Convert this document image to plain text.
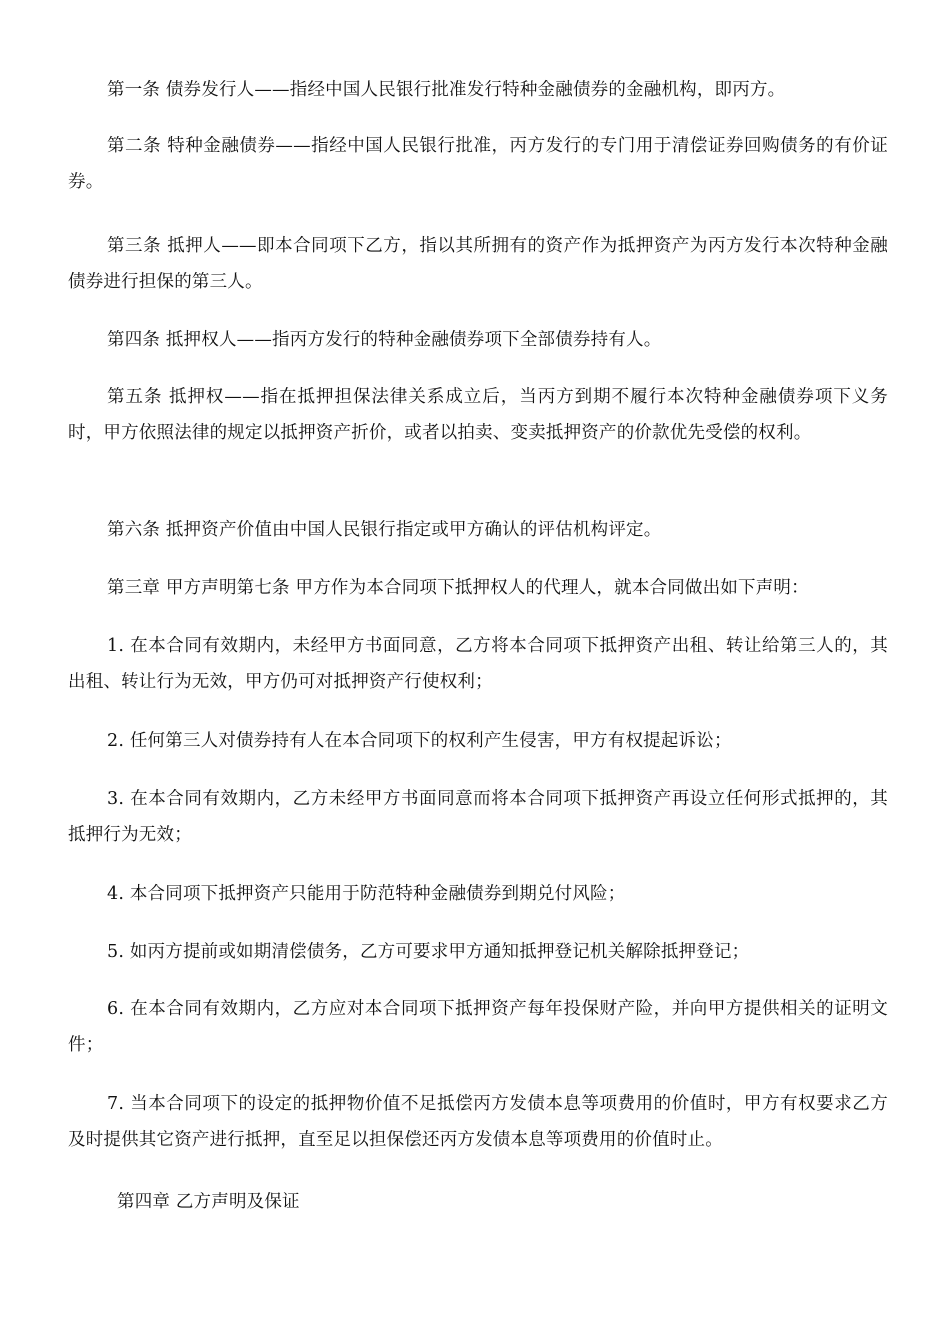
第一条 债券发行人——指经中国人民银行批准发行特种金融债券的金融机构，即丙方。

第二条 特种金融债券——指经中国人民银行批准，丙方发行的专门用于清偿证券回购债务的有价证券。

第三条 抵押人——即本合同项下乙方，指以其所拥有的资产作为抵押资产为丙方发行本次特种金融债券进行担保的第三人。

第四条 抵押权人——指丙方发行的特种金融债券项下全部债券持有人。

第五条 抵押权——指在抵押担保法律关系成立后，当丙方到期不履行本次特种金融债券项下义务时，甲方依照法律的规定以抵押资产折价，或者以拍卖、变卖抵押资产的价款优先受偿的权利。

第六条 抵押资产价值由中国人民银行指定或甲方确认的评估机构评定。

第三章 甲方声明第七条 甲方作为本合同项下抵押权人的代理人，就本合同做出如下声明：

1. 在本合同有效期内，未经甲方书面同意，乙方将本合同项下抵押资产出租、转让给第三人的，其出租、转让行为无效，甲方仍可对抵押资产行使权利；

2. 任何第三人对债券持有人在本合同项下的权利产生侵害，甲方有权提起诉讼；

3. 在本合同有效期内，乙方未经甲方书面同意而将本合同项下抵押资产再设立任何形式抵押的，其抵押行为无效；

4. 本合同项下抵押资产只能用于防范特种金融债券到期兑付风险；

5. 如丙方提前或如期清偿债务，乙方可要求甲方通知抵押登记机关解除抵押登记；

6. 在本合同有效期内，乙方应对本合同项下抵押资产每年投保财产险，并向甲方提供相关的证明文件；

7. 当本合同项下的设定的抵押物价值不足抵偿丙方发债本息等项费用的价值时，甲方有权要求乙方及时提供其它资产进行抵押，直至足以担保偿还丙方发债本息等项费用的价值时止。

第四章 乙方声明及保证
